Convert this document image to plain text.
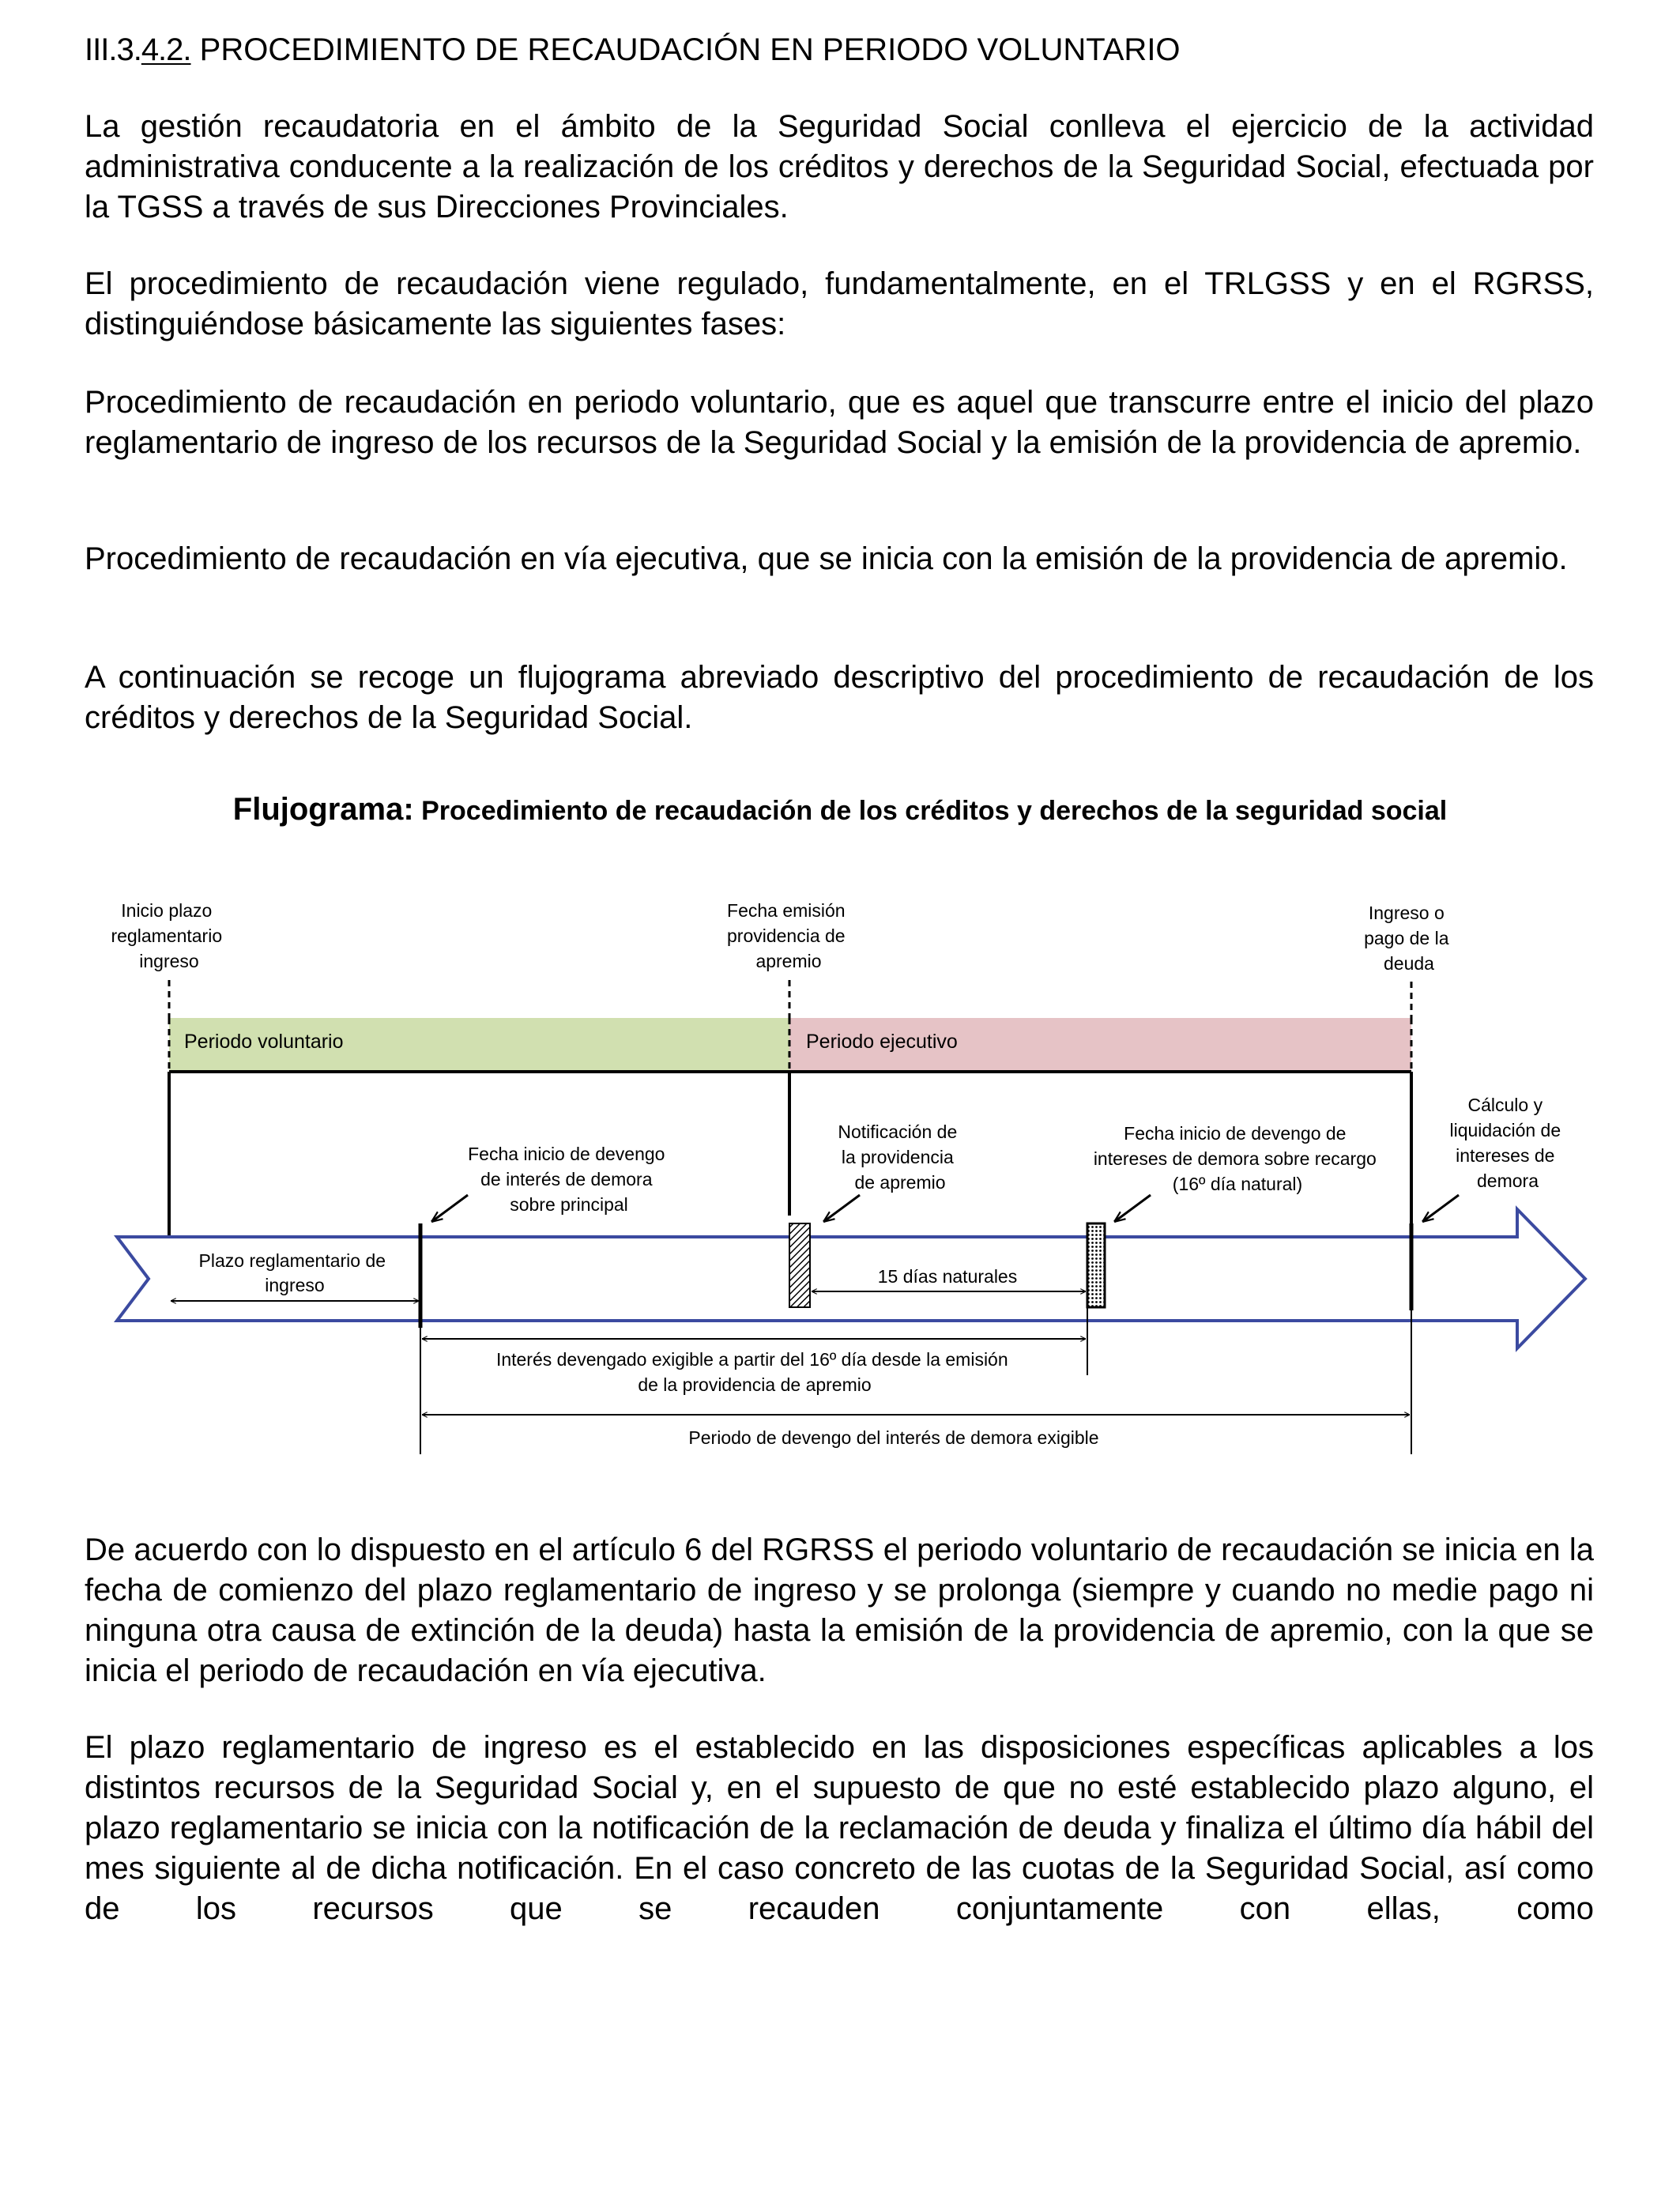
III.3.4.2. PROCEDIMIENTO DE RECAUDACIÓN EN PERIODO VOLUNTARIO

La gestión recaudatoria en el ámbito de la Seguridad Social conlleva el ejercicio de la actividad administrativa conducente a la realización de los créditos y derechos de la Seguridad Social, efectuada por la TGSS a través de sus Direcciones Provinciales.

El procedimiento de recaudación viene regulado, fundamentalmente, en el TRLGSS y en el RGRSS, distinguiéndose básicamente las siguientes fases:

Procedimiento de recaudación en periodo voluntario, que es aquel que transcurre entre el inicio del plazo reglamentario de ingreso de los recursos de la Seguridad Social y la emisión de la providencia de apremio.

Procedimiento de recaudación en vía ejecutiva, que se inicia con la emisión de la providencia de apremio.

A continuación se recoge un flujograma abreviado descriptivo del procedimiento de recaudación de los créditos y derechos de la Seguridad Social.

Flujograma: Procedimiento de recaudación de los créditos y derechos de la seguridad social

Inicio plazo reglamentario ingreso
Fecha emisión providencia de apremio
Ingreso o pago de la deuda
Periodo voluntario	Periodo ejecutivo
Fecha inicio de devengo de interés de demora sobre principal
Notificación de la providencia de apremio
Fecha inicio de devengo de intereses de demora sobre recargo (16º día natural)
Cálculo y liquidación de intereses de demora
Plazo reglamentario de ingreso	15 días naturales
Interés devengado exigible a partir del 16º día desde la emisión de la providencia de apremio
Periodo de devengo del interés de demora exigible

De acuerdo con lo dispuesto en el artículo 6 del RGRSS el periodo voluntario de recaudación se inicia en la fecha de comienzo del plazo reglamentario de ingreso y se prolonga (siempre y cuando no medie pago ni ninguna otra causa de extinción de la deuda) hasta la emisión de la providencia de apremio, con la que se inicia el periodo de recaudación en vía ejecutiva.

El plazo reglamentario de ingreso es el establecido en las disposiciones específicas aplicables a los distintos recursos de la Seguridad Social y, en el supuesto de que no esté establecido plazo alguno, el plazo reglamentario se inicia con la notificación de la reclamación de deuda y finaliza el último día hábil del mes siguiente al de dicha notificación. En el caso concreto de las cuotas de la Seguridad Social, así como de los recursos que se recauden conjuntamente con ellas, como
